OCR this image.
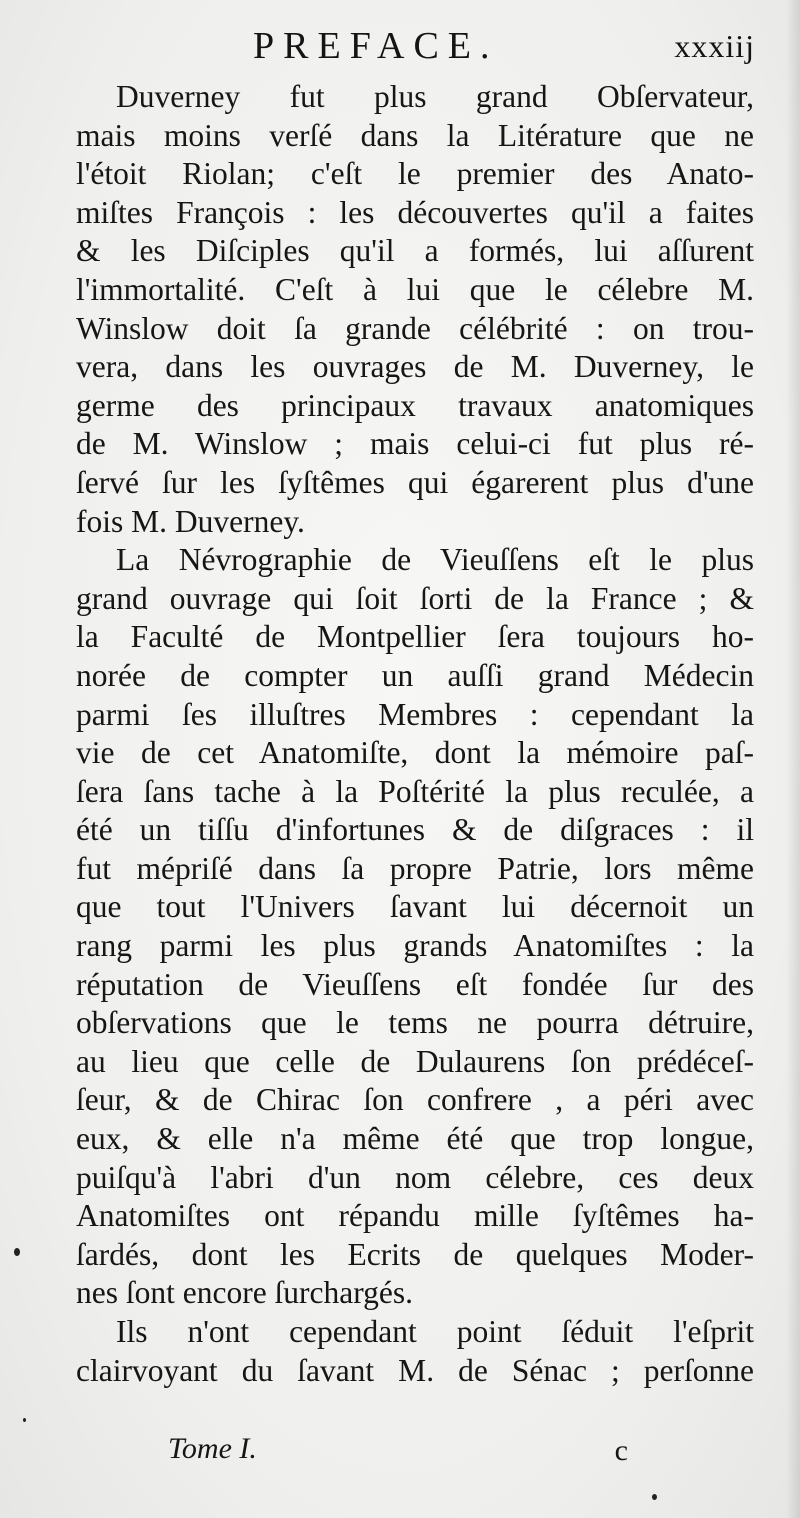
PREFACE.	xxxiij
Duverney fut plus grand Obſervateur,
mais moins verſé dans la Litérature que ne
l'étoit Riolan; c'eſt le premier des Anato-
miſtes François : les découvertes qu'il a faites
& les Diſciples qu'il a formés, lui aſſurent
l'immortalité. C'eſt à lui que le célebre M.
Winslow doit ſa grande célébrité : on trou-
vera, dans les ouvrages de M. Duverney, le
germe des principaux travaux anatomiques
de M. Winslow ; mais celui-ci fut plus ré-
ſervé ſur les ſyſtêmes qui égarerent plus d'une
fois M. Duverney.
La Névrographie de Vieuſſens eſt le plus
grand ouvrage qui ſoit ſorti de la France ; &
la Faculté de Montpellier ſera toujours ho-
norée de compter un auſſi grand Médecin
parmi ſes illuſtres Membres : cependant la
vie de cet Anatomiſte, dont la mémoire paſ-
ſera ſans tache à la Poſtérité la plus reculée, a
été un tiſſu d'infortunes & de diſgraces : il
fut mépriſé dans ſa propre Patrie, lors même
que tout l'Univers ſavant lui décernoit un
rang parmi les plus grands Anatomiſtes : la
réputation de Vieuſſens eſt fondée ſur des
obſervations que le tems ne pourra détruire,
au lieu que celle de Dulaurens ſon prédéceſ-
ſeur, & de Chirac ſon confrere , a péri avec
eux, & elle n'a même été que trop longue,
puiſqu'à l'abri d'un nom célebre, ces deux
Anatomiſtes ont répandu mille ſyſtêmes ha-
ſardés, dont les Ecrits de quelques Moder-
nes ſont encore ſurchargés.
Ils n'ont cependant point ſéduit l'eſprit
clairvoyant du ſavant M. de Sénac ; perſonne
Tome I.	c
